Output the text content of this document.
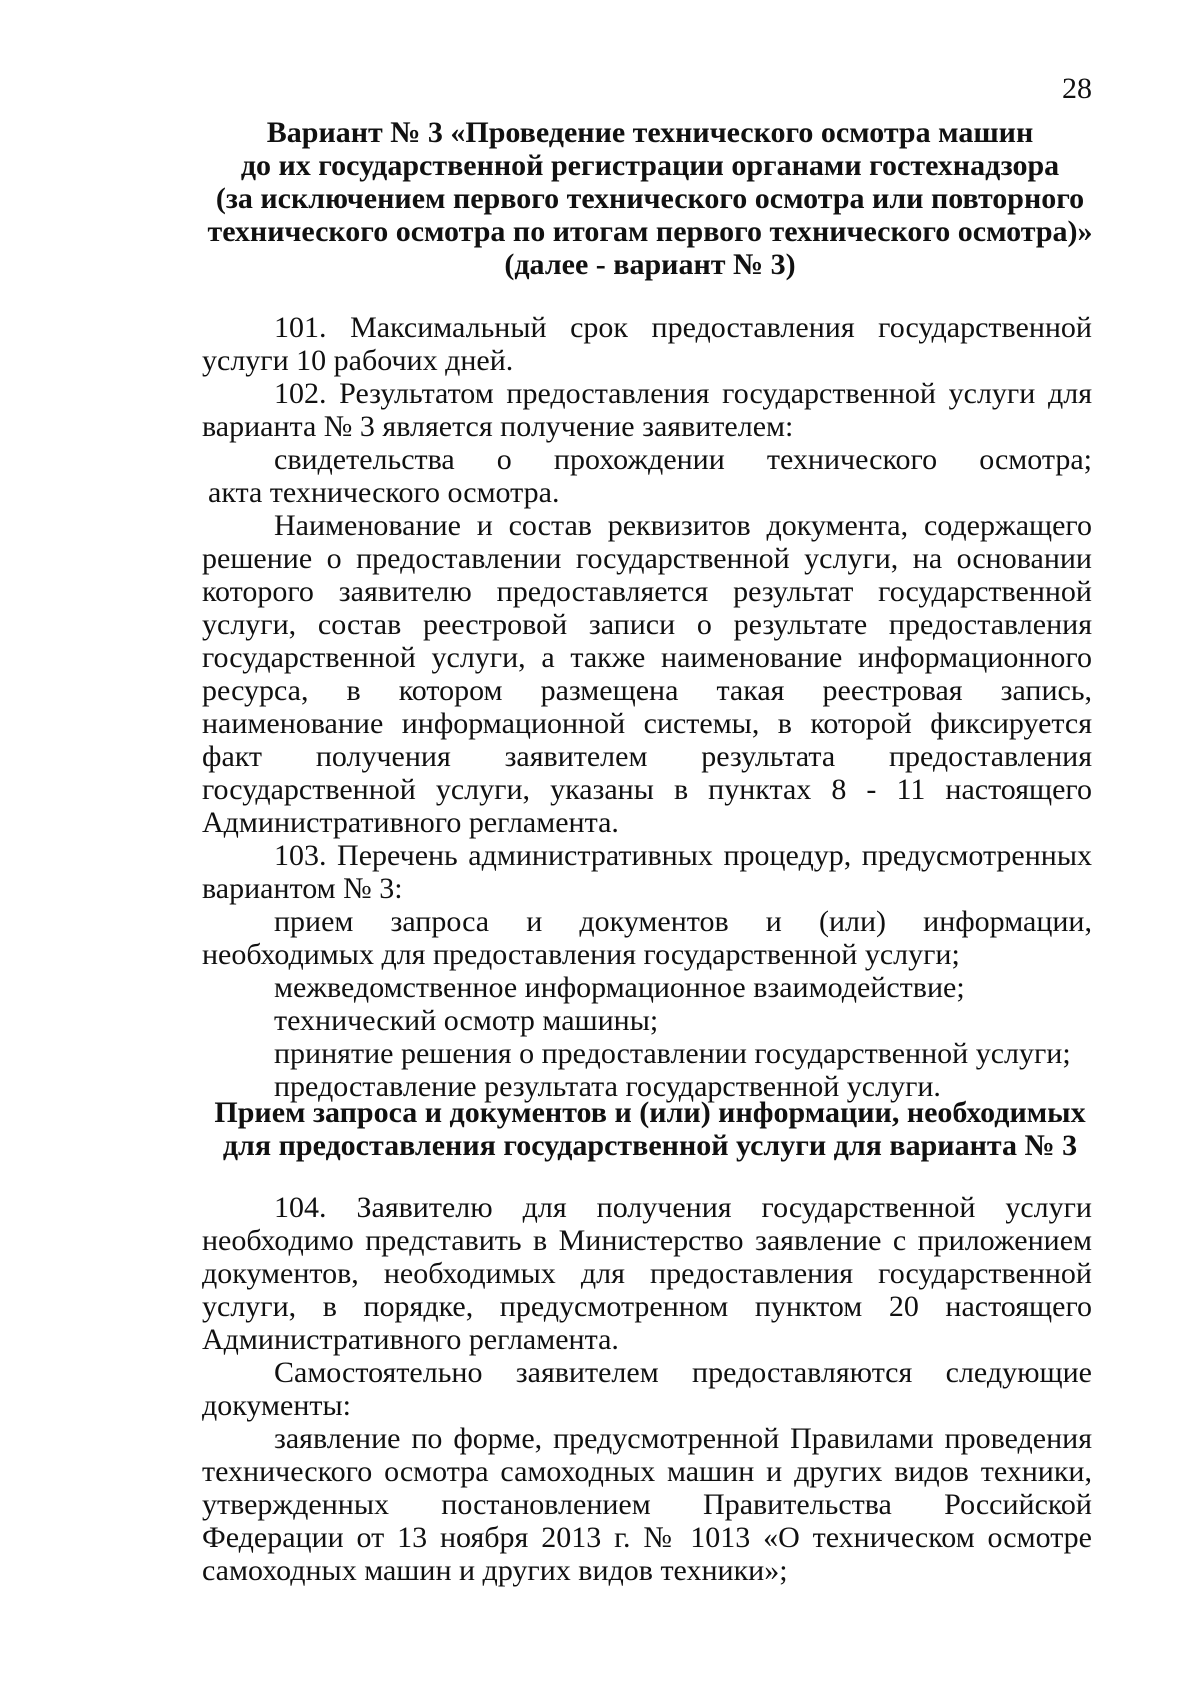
28
Вариант № 3 «Проведение технического осмотра машин
до их государственной регистрации органами гостехнадзора
(за исключением первого технического осмотра или повторного
технического осмотра по итогам первого технического осмотра)»
(далее - вариант № 3)

101. Максимальный срок предоставления государственной услуги 10 рабочих дней.

102. Результатом предоставления государственной услуги для варианта № 3 является получение заявителем:

свидетельства о прохождении технического осмотра;

акта технического осмотра.

Наименование и состав реквизитов документа, содержащего решение о предоставлении государственной услуги, на основании которого заявителю предоставляется результат государственной услуги, состав реестровой записи о результате предоставления государственной услуги, а также наименование информационного ресурса, в котором размещена такая реестровая запись, наименование информационной системы, в которой фиксируется факт получения заявителем результата предоставления государственной услуги, указаны в пунктах 8 - 11 настоящего Административного регламента.

103. Перечень административных процедур, предусмотренных вариантом № 3:

прием запроса и документов и (или) информации, необходимых для предоставления государственной услуги;

межведомственное информационное взаимодействие;

технический осмотр машины;

принятие решения о предоставлении государственной услуги;

предоставление результата государственной услуги.

Прием запроса и документов и (или) информации, необходимых
для предоставления государственной услуги для варианта № 3

104. Заявителю для получения государственной услуги необходимо представить в Министерство заявление с приложением документов, необходимых для предоставления государственной услуги, в порядке, предусмотренном пунктом 20 настоящего Административного регламента.

Самостоятельно заявителем предоставляются следующие документы:

заявление по форме, предусмотренной Правилами проведения технического осмотра самоходных машин и других видов техники, утвержденных постановлением Правительства Российской Федерации от 13 ноября 2013 г. № 1013 «О техническом осмотре самоходных машин и других видов техники»;
